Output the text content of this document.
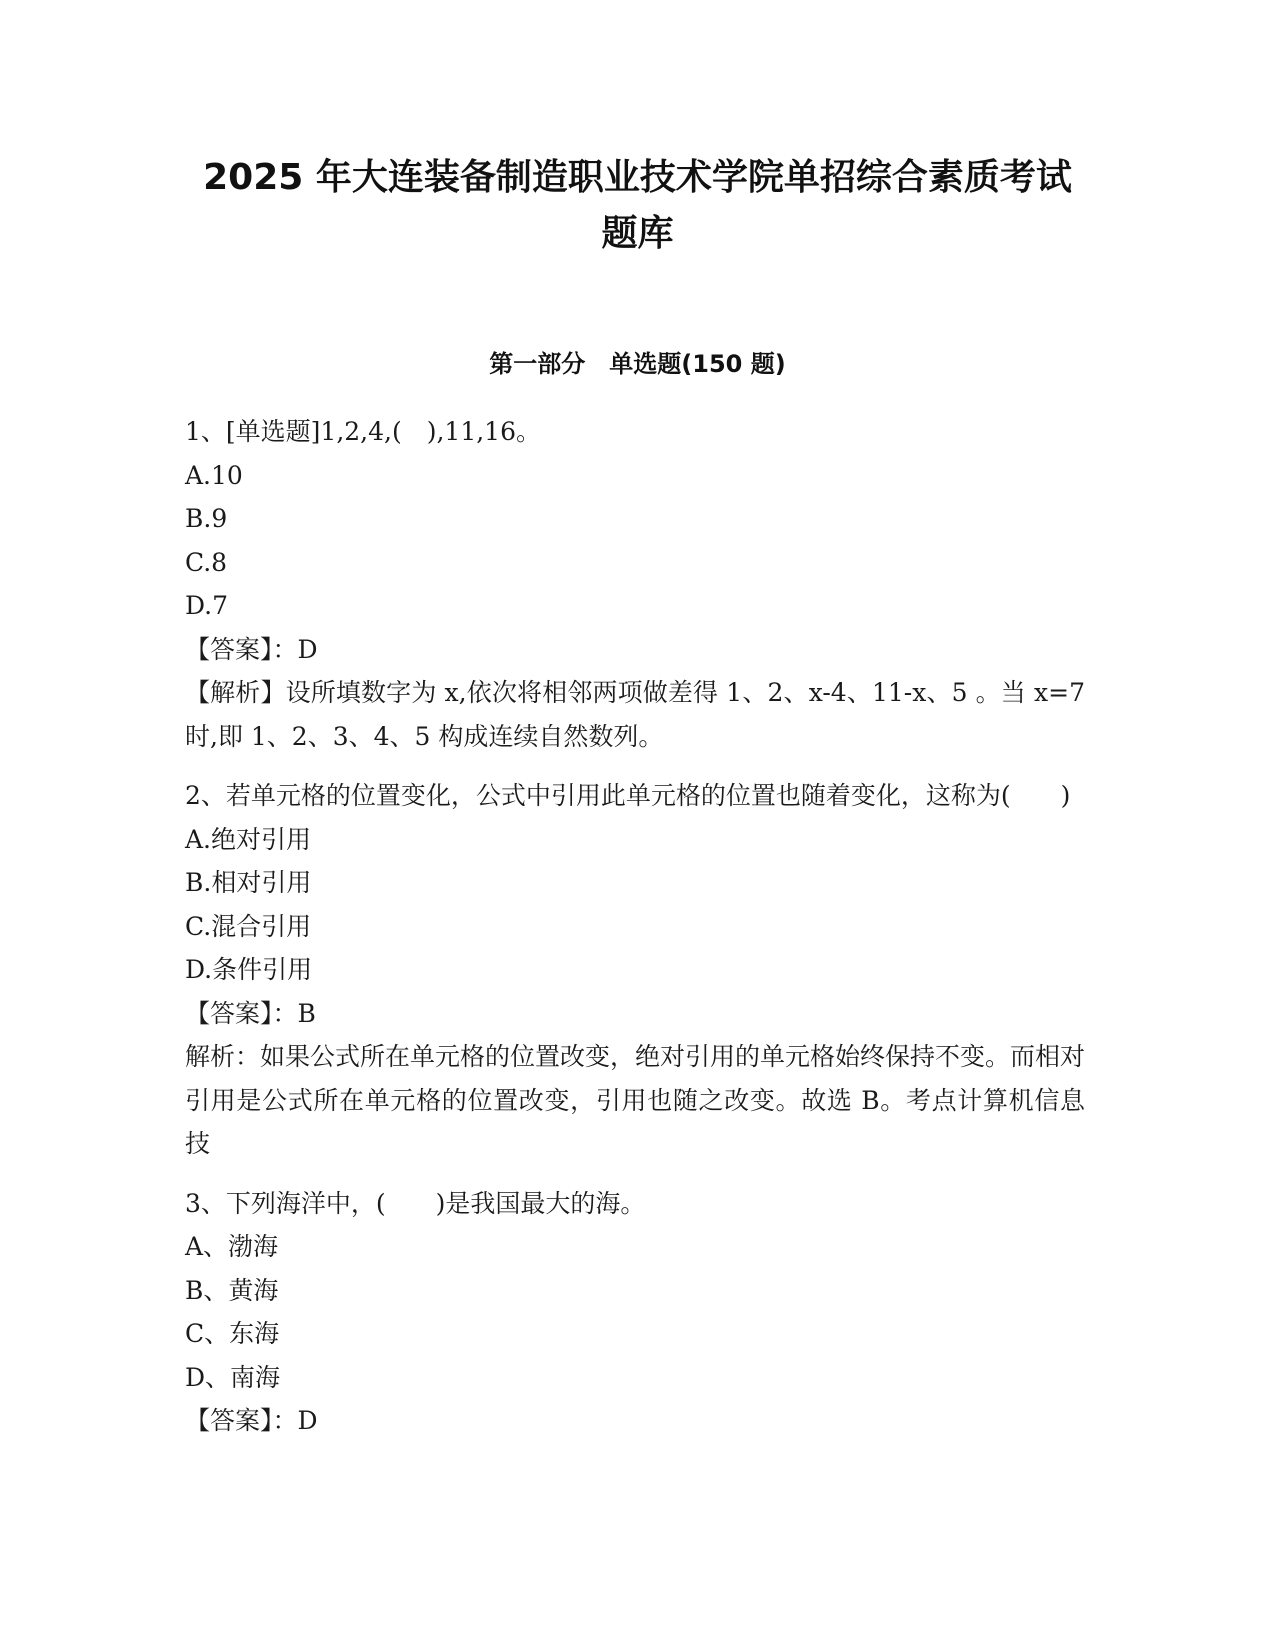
2025 年大连装备制造职业技术学院单招综合素质考试
题库
第一部分　单选题(150 题)

1、[单选题]1,2,4,(　),11,16。

A.10

B.9

C.8

D.7

【答案】：D

【解析】设所填数字为 x,依次将相邻两项做差得 1、2、x-4、11-x、5 。当 x=7 时,即 1、2、3、4、5 构成连续自然数列。

2、若单元格的位置变化，公式中引用此单元格的位置也随着变化，这称为(　　)

A.绝对引用

B.相对引用

C.混合引用

D.条件引用

【答案】：B

解析：如果公式所在单元格的位置改变，绝对引用的单元格始终保持不变。而相对引用是公式所在单元格的位置改变，引用也随之改变。故选 B。考点计算机信息技

3、下列海洋中，(　　)是我国最大的海。

A、渤海

B、黄海

C、东海

D、南海

【答案】：D
